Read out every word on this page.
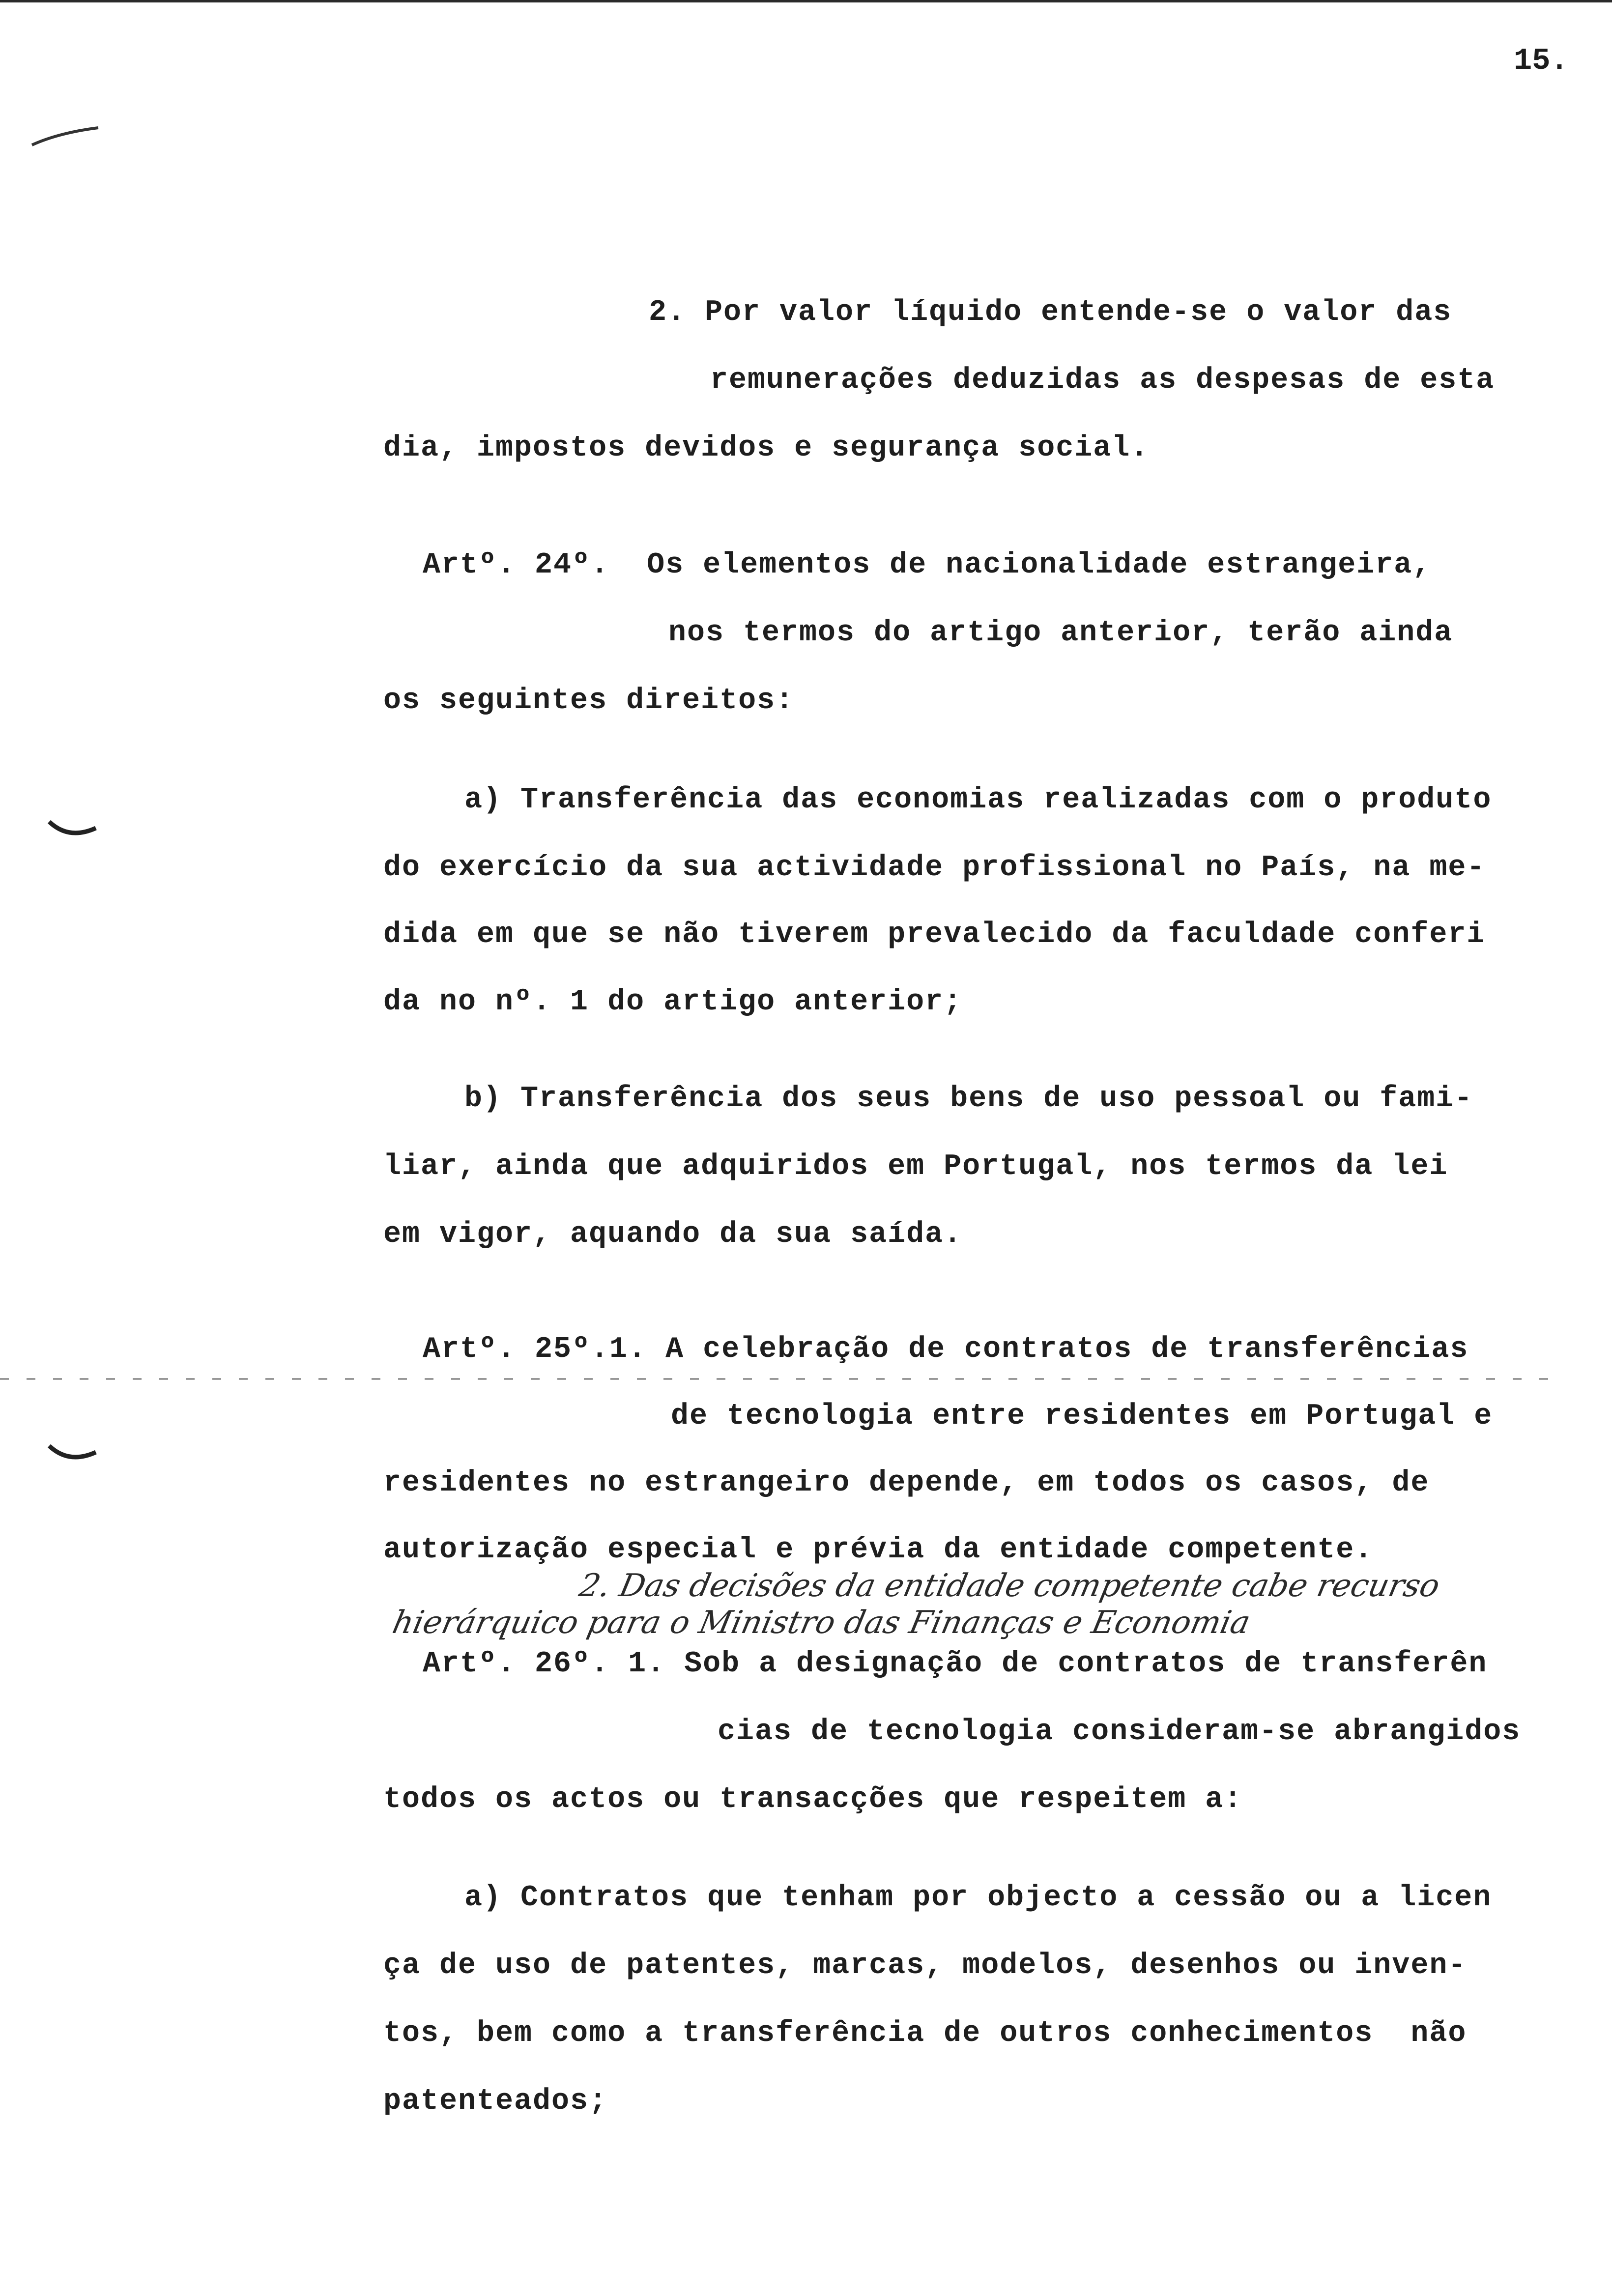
15.
2. Por valor líquido entende-se o valor das
remunerações deduzidas as despesas de esta
dia, impostos devidos e segurança social.
Artº. 24º.  Os elementos de nacionalidade estrangeira,
nos termos do artigo anterior, terão ainda
os seguintes direitos:
a) Transferência das economias realizadas com o produto
do exercício da sua actividade profissional no País, na me-
dida em que se não tiverem prevalecido da faculdade conferi
da no nº. 1 do artigo anterior;
b) Transferência dos seus bens de uso pessoal ou fami-
liar, ainda que adquiridos em Portugal, nos termos da lei
em vigor, aquando da sua saída.
Artº. 25º.1. A celebração de contratos de transferências
de tecnologia entre residentes em Portugal e
residentes no estrangeiro depende, em todos os casos, de
autorização especial e prévia da entidade competente.
2. Das decisões da entidade competente cabe recurso
hierárquico para o Ministro das Finanças e Economia
Artº. 26º. 1. Sob a designação de contratos de transferên
cias de tecnologia consideram-se abrangidos
todos os actos ou transacções que respeitem a:
a) Contratos que tenham por objecto a cessão ou a licen
ça de uso de patentes, marcas, modelos, desenhos ou inven-
tos, bem como a transferência de outros conhecimentos  não
patenteados;
